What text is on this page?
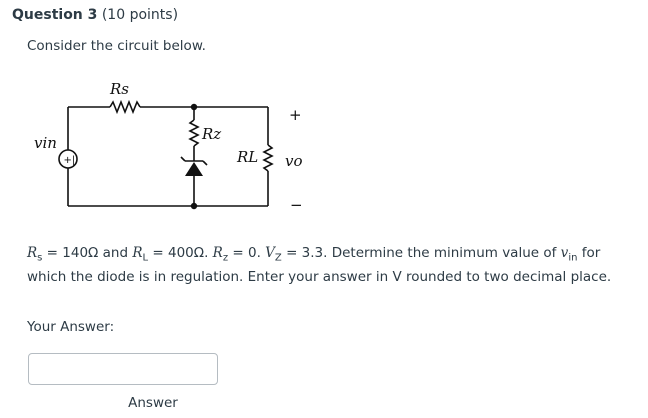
Question 3 (10 points)
Consider the circuit below.
+|
Rs
Rz
RL
vin
vo
+
−
$R_s = 140\Omega$ and $R_L = 400\Omega$. $R_z = 0$. $V_Z = 3.3$. Determine the minimum value of $v_{in}$ for which the diode is in regulation. Enter your answer in V rounded to two decimal place.
Your Answer:
Answer
